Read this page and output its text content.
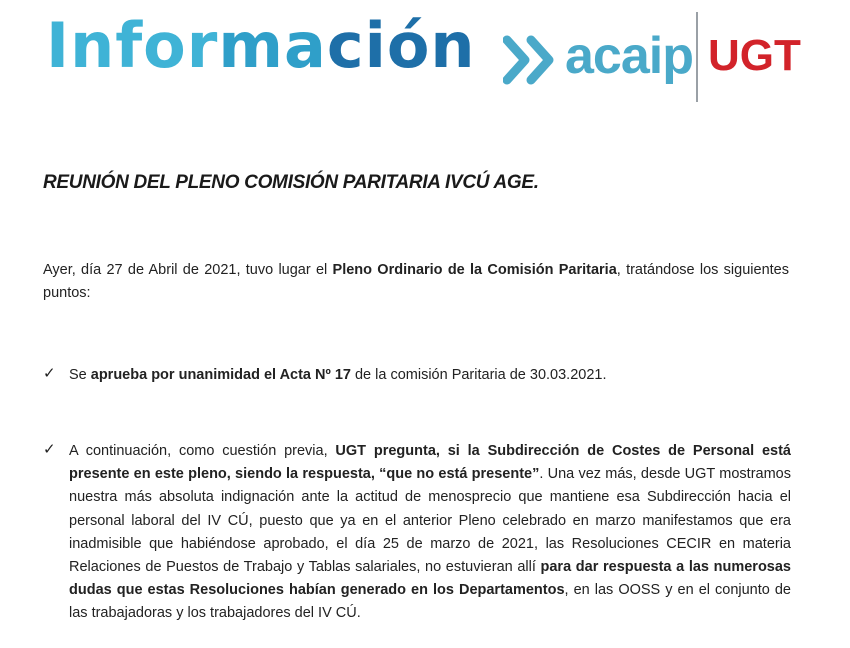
Información acaip UGT
REUNIÓN DEL PLENO COMISIÓN PARITARIA IVCÚ AGE.
Ayer, día 27 de Abril de 2021, tuvo lugar el Pleno Ordinario de la Comisión Paritaria, tratándose los siguientes puntos:
✓ Se aprueba por unanimidad el Acta Nº 17 de la comisión Paritaria de 30.03.2021.
✓ A continuación, como cuestión previa, UGT pregunta, si la Subdirección de Costes de Personal está presente en este pleno, siendo la respuesta, “que no está presente”. Una vez más, desde UGT mostramos nuestra más absoluta indignación ante la actitud de menosprecio que mantiene esa Subdirección hacia el personal laboral del IV CÚ, puesto que ya en el anterior Pleno celebrado en marzo manifestamos que era inadmisible que habiéndose aprobado, el día 25 de marzo de 2021, las Resoluciones CECIR en materia Relaciones de Puestos de Trabajo y Tablas salariales, no estuvieran allí para dar respuesta a las numerosas dudas que estas Resoluciones habían generado en los Departamentos, en las OOSS y en el conjunto de las trabajadoras y los trabajadores del IV CÚ.
